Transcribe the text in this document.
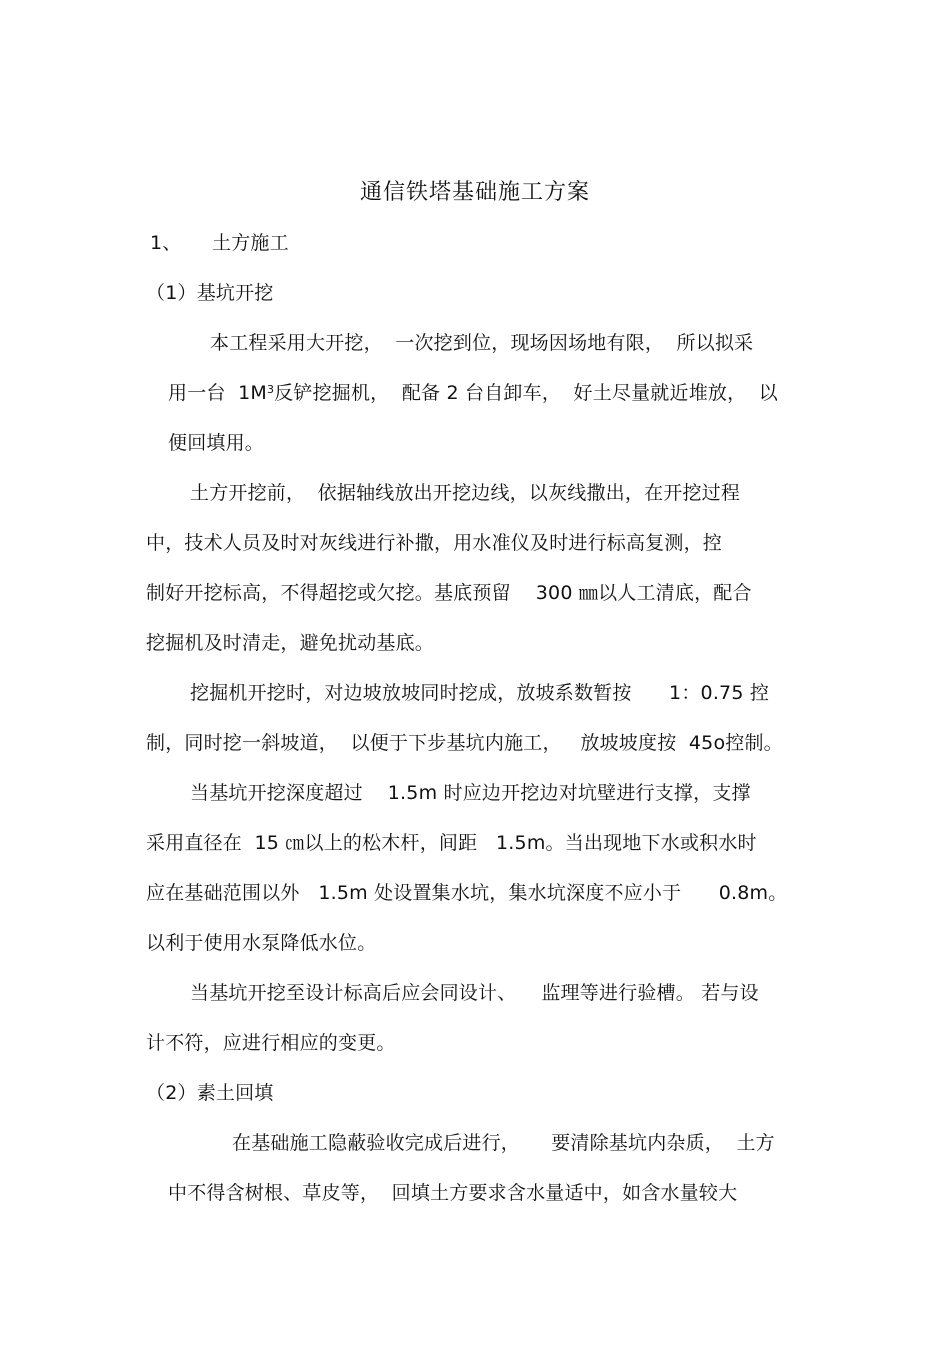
通信铁塔基础施工方案
1、 土方施工
（1）基坑开挖
本工程采用大开挖，  一次挖到位，现场因场地有限，  所以拟采
用一台  $1M^3$反铲挖掘机，  配备 2 台自卸车，  好土尽量就近堆放，  以
便回填用。
土方开挖前，  依据轴线放出开挖边线，以灰线撒出，在开挖过程
中，技术人员及时对灰线进行补撒，用水准仪及时进行标高复测，控
制好开挖标高，不得超挖或欠挖。基底预留    300 ㎜以人工清底，配合
挖掘机及时清走，避免扰动基底。
挖掘机开挖时，对边坡放坡同时挖成，放坡系数暂按      1：0.75 控
制，同时挖一斜坡道，  以便于下步基坑内施工，   放坡坡度按  45o控制。
当基坑开挖深度超过    1.5m 时应边开挖边对坑壁进行支撑，支撑
采用直径在  15 ㎝以上的松木杆，间距   1.5m。当出现地下水或积水时
应在基础范围以外   1.5m 处设置集水坑，集水坑深度不应小于      0.8m。
以利于使用水泵降低水位。
当基坑开挖至设计标高后应会同设计、    监理等进行验槽。 若与设
计不符，应进行相应的变更。
（2）素土回填
在基础施工隐蔽验收完成后进行，     要清除基坑内杂质，  土方
中不得含树根、草皮等，  回填土方要求含水量适中，如含水量较大
